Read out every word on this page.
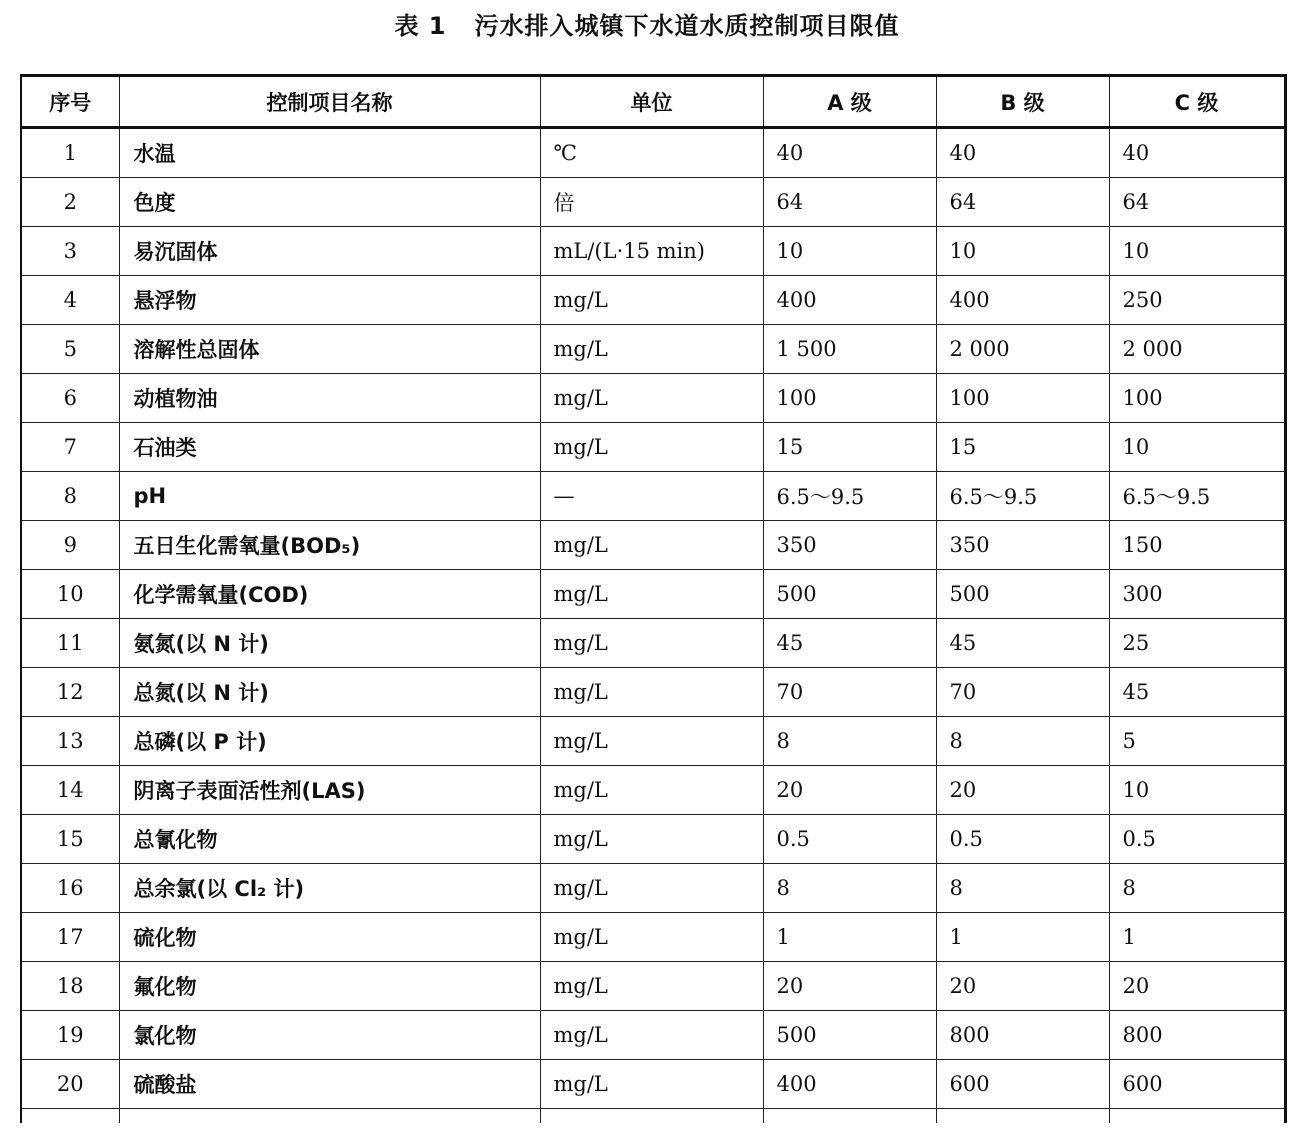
表 1   污水排入城镇下水道水质控制项目限值
序号	控制项目名称	单位	A 级	B 级	C 级
1	水温	℃	40	40	40
2	色度	倍	64	64	64
3	易沉固体	mL/(L·15 min)	10	10	10
4	悬浮物	mg/L	400	400	250
5	溶解性总固体	mg/L	1 500	2 000	2 000
6	动植物油	mg/L	100	100	100
7	石油类	mg/L	15	15	10
8	pH	—	6.5～9.5	6.5～9.5	6.5～9.5
9	五日生化需氧量(BOD₅)	mg/L	350	350	150
10	化学需氧量(COD)	mg/L	500	500	300
11	氨氮(以 N 计)	mg/L	45	45	25
12	总氮(以 N 计)	mg/L	70	70	45
13	总磷(以 P 计)	mg/L	8	8	5
14	阴离子表面活性剂(LAS)	mg/L	20	20	10
15	总氰化物	mg/L	0.5	0.5	0.5
16	总余氯(以 Cl₂ 计)	mg/L	8	8	8
17	硫化物	mg/L	1	1	1
18	氟化物	mg/L	20	20	20
19	氯化物	mg/L	500	800	800
20	硫酸盐	mg/L	400	600	600
